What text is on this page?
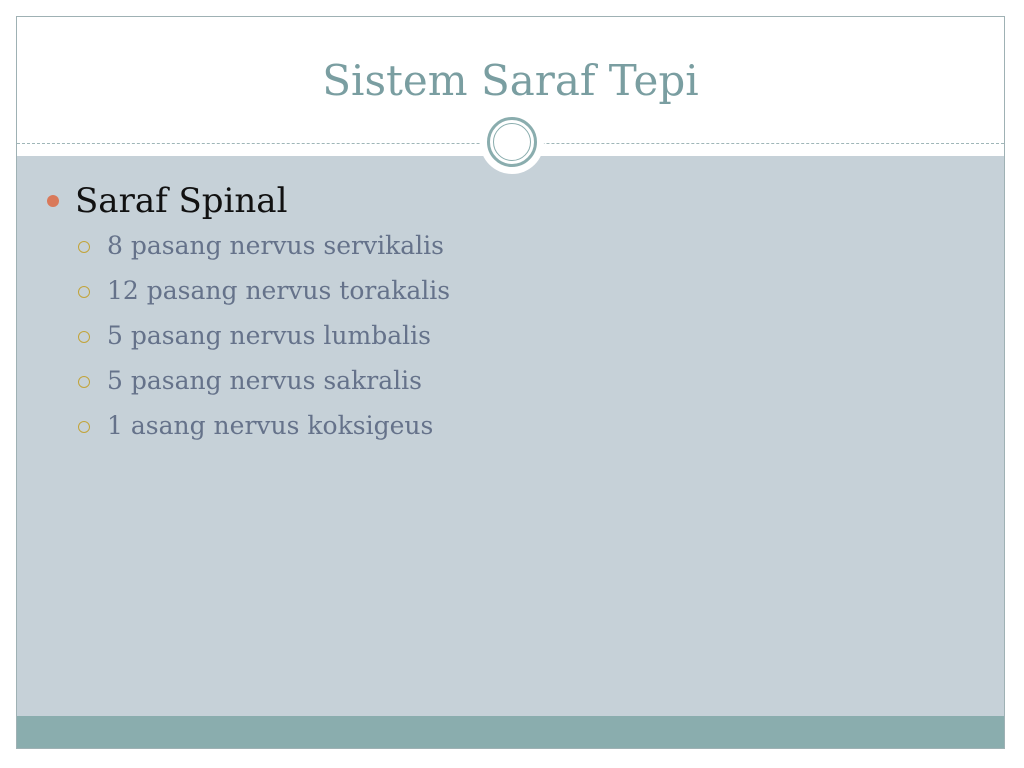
Sistem Saraf Tepi
Saraf Spinal
8 pasang nervus servikalis
12 pasang nervus torakalis
5 pasang nervus lumbalis
5 pasang nervus sakralis
1 asang nervus koksigeus
